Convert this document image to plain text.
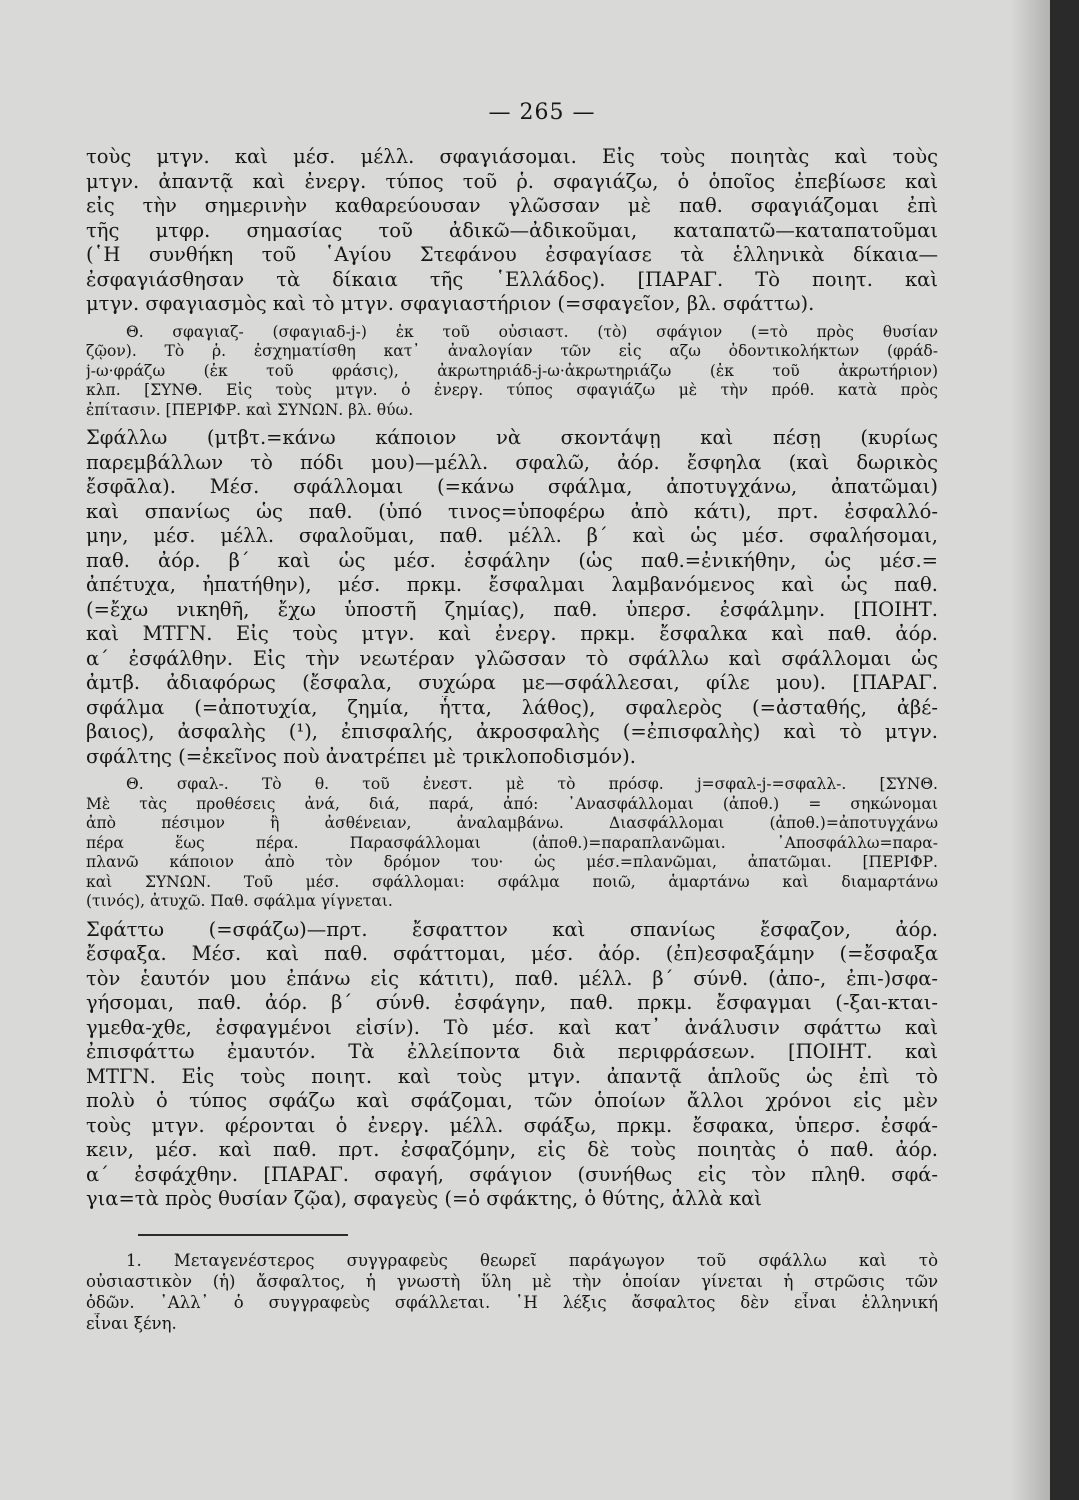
— 265 —
τοὺς μτγν. καὶ μέσ. μέλλ. σφαγιάσομαι. Εἰς τοὺς ποιητὰς καὶ τοὺς
μτγν. ἀπαντᾷ καὶ ἐνεργ. τύπος τοῦ ῥ. σφαγιάζω, ὁ ὁποῖος ἐπεβίωσε καὶ
εἰς τὴν σημερινὴν καθαρεύουσαν γλῶσσαν μὲ παθ. σφαγιάζομαι ἐπὶ
τῆς μτφρ. σημασίας τοῦ ἀδικῶ—ἀδικοῦμαι, καταπατῶ—καταπατοῦμαι
(῾Η συνθήκη τοῦ ῾Αγίου Στεφάνου ἐσφαγίασε τὰ ἑλληνικὰ δίκαια—
ἐσφαγιάσθησαν τὰ δίκαια τῆς ῾Ελλάδος). [ΠΑΡΑΓ. Τὸ ποιητ. καὶ
μτγν. σφαγιασμὸς καὶ τὸ μτγν. σφαγιαστήριον (=σφαγεῖον, βλ. σφάττω).
Θ. σφαγιαζ- (σφαγιαδ-j-) ἐκ τοῦ οὐσιαστ. (τὸ) σφάγιον (=τὸ πρὸς θυσίαν
ζῷον). Τὸ ῥ. ἐσχηματίσθη κατ᾽ ἀναλογίαν τῶν εἰς αζω ὀδοντικολήκτων (φράδ-
j-ω·φράζω (ἐκ τοῦ φράσις), ἀκρωτηριάδ-j-ω·ἀκρωτηριάζω (ἐκ τοῦ ἀκρωτήριον)
κλπ. [ΣΥΝΘ. Εἰς τοὺς μτγν. ὁ ἐνεργ. τύπος σφαγιάζω μὲ τὴν πρόθ. κατὰ πρὸς
ἐπίτασιν. [ΠΕΡΙΦΡ. καὶ ΣΥΝΩΝ. βλ. θύω.
Σφάλλω (μτβτ.=κάνω κάποιον νὰ σκοντάψῃ καὶ πέσῃ (κυρίως
παρεμβάλλων τὸ πόδι μου)—μέλλ. σφαλῶ, ἀόρ. ἔσφηλα (καὶ δωρικὸς
ἔσφᾱλα). Μέσ. σφάλλομαι (=κάνω σφάλμα, ἀποτυγχάνω, ἀπατῶμαι)
καὶ σπανίως ὡς παθ. (ὑπό τινος=ὑποφέρω ἀπὸ κάτι), πρτ. ἐσφαλλό-
μην, μέσ. μέλλ. σφαλοῦμαι, παθ. μέλλ. β΄ καὶ ὡς μέσ. σφαλήσομαι,
παθ. ἀόρ. β΄ καὶ ὡς μέσ. ἐσφάλην (ὡς παθ.=ἐνικήθην, ὡς μέσ.=
ἀπέτυχα, ἠπατήθην), μέσ. πρκμ. ἔσφαλμαι λαμβανόμενος καὶ ὡς παθ.
(=ἔχω νικηθῆ, ἔχω ὑποστῆ ζημίας), παθ. ὑπερσ. ἐσφάλμην. [ΠΟΙΗΤ.
καὶ ΜΤΓΝ. Εἰς τοὺς μτγν. καὶ ἐνεργ. πρκμ. ἔσφαλκα καὶ παθ. ἀόρ.
α΄ ἐσφάλθην. Εἰς τὴν νεωτέραν γλῶσσαν τὸ σφάλλω καὶ σφάλλομαι ὡς
ἀμτβ. ἀδιαφόρως (ἔσφαλα, συχώρα με—σφάλλεσαι, φίλε μου). [ΠΑΡΑΓ.
σφάλμα (=ἀποτυχία, ζημία, ἧττα, λάθος), σφαλερὸς (=ἀσταθής, ἀβέ-
βαιος), ἀσφαλὴς (¹), ἐπισφαλής, ἀκροσφαλὴς (=ἐπισφαλὴς) καὶ τὸ μτγν.
σφάλτης (=ἐκεῖνος ποὺ ἀνατρέπει μὲ τρικλοποδισμόν).
Θ. σφαλ-. Τὸ θ. τοῦ ἐνεστ. μὲ τὸ πρόσφ. j=σφαλ-j-=σφαλλ-. [ΣΥΝΘ.
Μὲ τὰς προθέσεις ἀνά, διά, παρά, ἀπό: ᾽Ανασφάλλομαι (ἀποθ.) = σηκώνομαι
ἀπὸ πέσιμον ἢ ἀσθένειαν, ἀναλαμβάνω. Διασφάλλομαι (ἀποθ.)=ἀποτυγχάνω
πέρα ἕως πέρα. Παρασφάλλομαι (ἀποθ.)=παραπλανῶμαι. ᾽Αποσφάλλω=παρα-
πλανῶ κάποιον ἀπὸ τὸν δρόμον του· ὡς μέσ.=πλανῶμαι, ἀπατῶμαι. [ΠΕΡΙΦΡ.
καὶ ΣΥΝΩΝ. Τοῦ μέσ. σφάλλομαι: σφάλμα ποιῶ, ἁμαρτάνω καὶ διαμαρτάνω
(τινός), ἀτυχῶ. Παθ. σφάλμα γίγνεται.
Σφάττω (=σφάζω)—πρτ. ἔσφαττον καὶ σπανίως ἔσφαζον, ἀόρ.
ἔσφαξα. Μέσ. καὶ παθ. σφάττομαι, μέσ. ἀόρ. (ἐπ)εσφαξάμην (=ἔσφαξα
τὸν ἑαυτόν μου ἐπάνω εἰς κάτιτι), παθ. μέλλ. β΄ σύνθ. (ἀπο-, ἐπι-)σφα-
γήσομαι, παθ. ἀόρ. β΄ σύνθ. ἐσφάγην, παθ. πρκμ. ἔσφαγμαι (-ξαι-κται-
γμεθα-χθε, ἐσφαγμένοι εἰσίν). Τὸ μέσ. καὶ κατ᾽ ἀνάλυσιν σφάττω καὶ
ἐπισφάττω ἐμαυτόν. Τὰ ἐλλείποντα διὰ περιφράσεων. [ΠΟΙΗΤ. καὶ
ΜΤΓΝ. Εἰς τοὺς ποιητ. καὶ τοὺς μτγν. ἀπαντᾷ ἁπλοῦς ὡς ἐπὶ τὸ
πολὺ ὁ τύπος σφάζω καὶ σφάζομαι, τῶν ὁποίων ἄλλοι χρόνοι εἰς μὲν
τοὺς μτγν. φέρονται ὁ ἐνεργ. μέλλ. σφάξω, πρκμ. ἔσφακα, ὑπερσ. ἐσφά-
κειν, μέσ. καὶ παθ. πρτ. ἐσφαζόμην, εἰς δὲ τοὺς ποιητὰς ὁ παθ. ἀόρ.
α΄ ἐσφάχθην. [ΠΑΡΑΓ. σφαγή, σφάγιον (συνήθως εἰς τὸν πληθ. σφά-
για=τὰ πρὸς θυσίαν ζῷα), σφαγεὺς (=ὁ σφάκτης, ὁ θύτης, ἀλλὰ καὶ
1. Μεταγενέστερος συγγραφεὺς θεωρεῖ παράγωγον τοῦ σφάλλω καὶ τὸ
οὐσιαστικὸν (ἡ) ἄσφαλτος, ἡ γνωστὴ ὕλη μὲ τὴν ὁποίαν γίνεται ἡ στρῶσις τῶν
ὁδῶν. ᾽Αλλ᾽ ὁ συγγραφεὺς σφάλλεται. ῾Η λέξις ἄσφαλτος δὲν εἶναι ἑλληνική
εἶναι ξένη.
